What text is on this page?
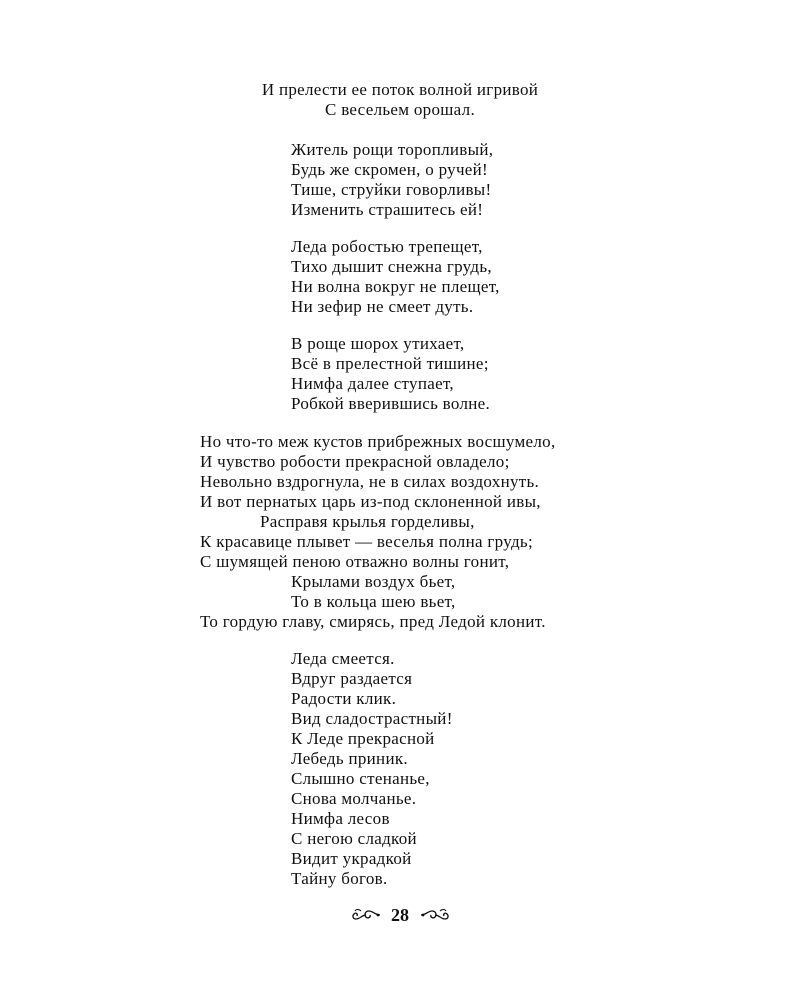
И прелести ее поток волной игривой
С весельем орошал.
Житель рощи торопливый,
Будь же скромен, о ручей!
Тише, струйки говорливы!
Изменить страшитесь ей!
Леда робостью трепещет,
Тихо дышит снежна грудь,
Ни волна вокруг не плещет,
Ни зефир не смеет дуть.
В роще шорох утихает,
Всё в прелестной тишине;
Нимфа далее ступает,
Робкой вверившись волне.
Но что-то меж кустов прибрежных восшумело,
И чувство робости прекрасной овладело;
Невольно вздрогнула, не в силах воздохнуть.
И вот пернатых царь из-под склоненной ивы,
Расправя крылья горделивы,
К красавице плывет — веселья полна грудь;
С шумящей пеною отважно волны гонит,
Крылами воздух бьет,
То в кольца шею вьет,
То гордую главу, смирясь, пред Ледой клонит.
Леда смеется.
Вдруг раздается
Радости клик.
Вид сладострастный!
К Леде прекрасной
Лебедь приник.
Слышно стенанье,
Снова молчанье.
Нимфа лесов
С негою сладкой
Видит украдкой
Тайну богов.
28
